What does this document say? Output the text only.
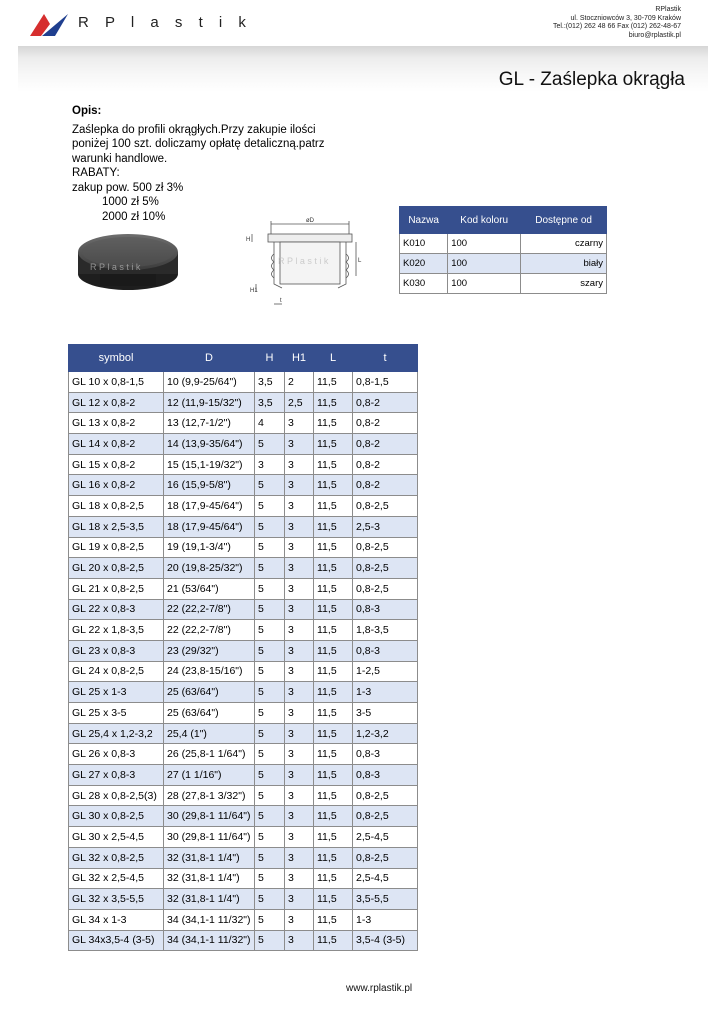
R P l a s t i k
RPlastik
ul. Stoczniowców 3, 30-709 Kraków
Tel.:(012) 262 48 66 Fax (012) 262-48-67
biuro@rplastik.pl
GL - Zaślepka okrągła
Opis:
Zaślepka do profili okrągłych.Przy zakupie ilości
poniżej 100 szt. doliczamy opłatę detaliczną.patrz
warunki handlowe.
RABATY:
zakup pow. 500 zł 3%
1000 zł 5%
2000 zł 10%
R P l a s t i k
øD
H
H1
L
t
R P l a s t i k
Nazwa	Kod koloru	Dostępne od
K010	100	czarny
K020	100	biały
K030	100	szary
symbol	D	H	H1	L	t
GL 10 x 0,8-1,5	10 (9,9-25/64")	3,5	2	11,5	0,8-1,5
GL 12 x 0,8-2	12 (11,9-15/32")	3,5	2,5	11,5	0,8-2
GL 13 x 0,8-2	13 (12,7-1/2")	4	3	11,5	0,8-2
GL 14 x 0,8-2	14 (13,9-35/64")	5	3	11,5	0,8-2
GL 15 x 0,8-2	15 (15,1-19/32")	3	3	11,5	0,8-2
GL 16 x 0,8-2	16 (15,9-5/8")	5	3	11,5	0,8-2
GL 18 x 0,8-2,5	18 (17,9-45/64")	5	3	11,5	0,8-2,5
GL 18 x 2,5-3,5	18 (17,9-45/64")	5	3	11,5	2,5-3
GL 19 x 0,8-2,5	19 (19,1-3/4")	5	3	11,5	0,8-2,5
GL 20 x 0,8-2,5	20 (19,8-25/32")	5	3	11,5	0,8-2,5
GL 21 x 0,8-2,5	21 (53/64")	5	3	11,5	0,8-2,5
GL 22 x 0,8-3	22 (22,2-7/8")	5	3	11,5	0,8-3
GL 22 x 1,8-3,5	22 (22,2-7/8")	5	3	11,5	1,8-3,5
GL 23 x 0,8-3	23 (29/32")	5	3	11,5	0,8-3
GL 24 x 0,8-2,5	24 (23,8-15/16")	5	3	11,5	1-2,5
GL 25 x 1-3	25 (63/64")	5	3	11,5	1-3
GL 25 x 3-5	25 (63/64")	5	3	11,5	3-5
GL 25,4 x 1,2-3,2	25,4 (1")	5	3	11,5	1,2-3,2
GL 26 x 0,8-3	26 (25,8-1 1/64")	5	3	11,5	0,8-3
GL 27 x 0,8-3	27 (1 1/16")	5	3	11,5	0,8-3
GL 28 x 0,8-2,5(3)	28 (27,8-1 3/32")	5	3	11,5	0,8-2,5
GL 30 x 0,8-2,5	30 (29,8-1 11/64")	5	3	11,5	0,8-2,5
GL 30 x 2,5-4,5	30 (29,8-1 11/64")	5	3	11,5	2,5-4,5
GL 32 x 0,8-2,5	32 (31,8-1 1/4")	5	3	11,5	0,8-2,5
GL 32 x 2,5-4,5	32 (31,8-1 1/4")	5	3	11,5	2,5-4,5
GL 32 x 3,5-5,5	32 (31,8-1 1/4")	5	3	11,5	3,5-5,5
GL 34 x 1-3	34 (34,1-1 11/32")	5	3	11,5	1-3
GL 34x3,5-4 (3-5)	34 (34,1-1 11/32")	5	3	11,5	3,5-4 (3-5)
www.rplastik.pl
